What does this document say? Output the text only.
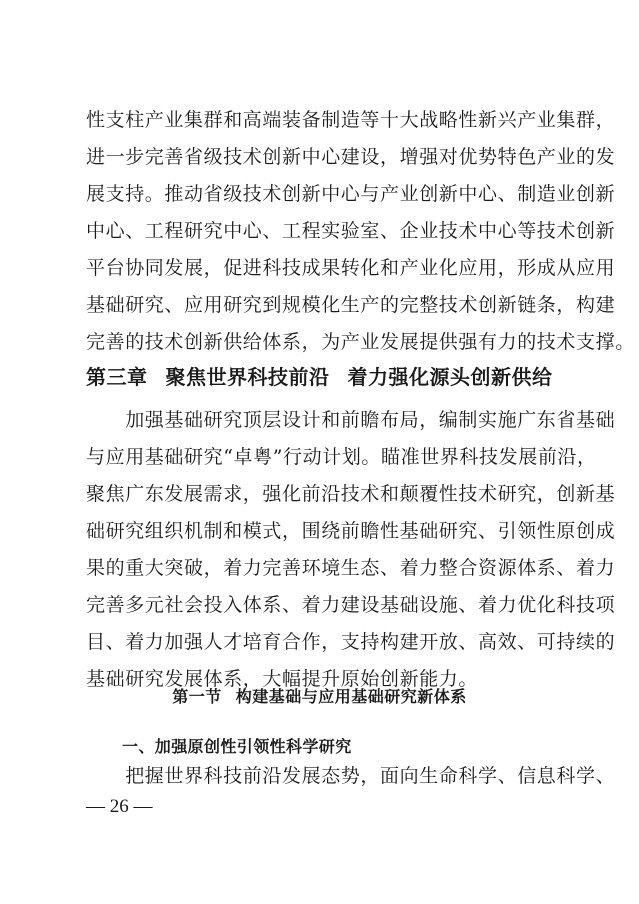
性支柱产业集群和高端装备制造等十大战略性新兴产业集群，
进一步完善省级技术创新中心建设，增强对优势特色产业的发
展支持。推动省级技术创新中心与产业创新中心、制造业创新
中心、工程研究中心、工程实验室、企业技术中心等技术创新
平台协同发展，促进科技成果转化和产业化应用，形成从应用
基础研究、应用研究到规模化生产的完整技术创新链条，构建
完善的技术创新供给体系，为产业发展提供强有力的技术支撑。
第三章 聚焦世界科技前沿 着力强化源头创新供给
　　加强基础研究顶层设计和前瞻布局，编制实施广东省基础
与应用基础研究“卓粤”行动计划。瞄准世界科技发展前沿，
聚焦广东发展需求，强化前沿技术和颠覆性技术研究，创新基
础研究组织机制和模式，围绕前瞻性基础研究、引领性原创成
果的重大突破，着力完善环境生态、着力整合资源体系、着力
完善多元社会投入体系、着力建设基础设施、着力优化科技项
目、着力加强人才培育合作，支持构建开放、高效、可持续的
基础研究发展体系，大幅提升原始创新能力。
第一节 构建基础与应用基础研究新体系
一、加强原创性引领性科学研究
　　把握世界科技前沿发展态势，面向生命科学、信息科学、
— 26 —
